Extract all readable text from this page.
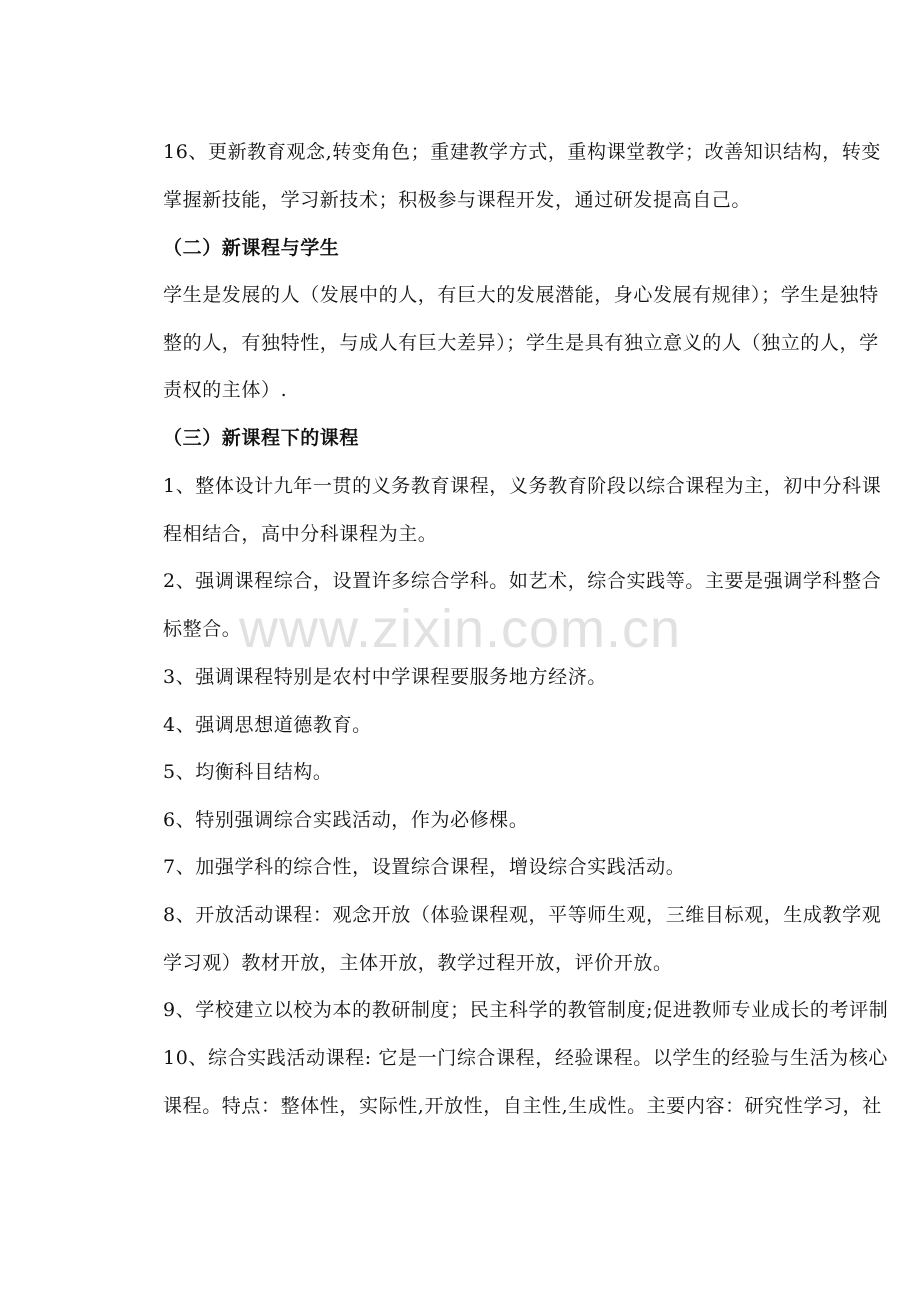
16、更新教育观念,转变角色；重建教学方式，重构课堂教学；改善知识结构，转变
掌握新技能，学习新技术；积极参与课程开发，通过研发提高自己。
（二）新课程与学生
学生是发展的人（发展中的人，有巨大的发展潜能，身心发展有规律）；学生是独特
整的人，有独特性，与成人有巨大差异）；学生是具有独立意义的人（独立的人，学
责权的主体）.
（三）新课程下的课程
1、整体设计九年一贯的义务教育课程，义务教育阶段以综合课程为主，初中分科课
程相结合，高中分科课程为主。
2、强调课程综合，设置许多综合学科。如艺术，综合实践等。主要是强调学科整合
标整合。
3、强调课程特别是农村中学课程要服务地方经济。
4、强调思想道德教育。
5、均衡科目结构。
6、特别强调综合实践活动，作为必修棵。
7、加强学科的综合性，设置综合课程，增设综合实践活动。
8、开放活动课程：观念开放（体验课程观，平等师生观，三维目标观，生成教学观
学习观）教材开放，主体开放，教学过程开放，评价开放。
9、学校建立以校为本的教研制度；民主科学的教管制度;促进教师专业成长的考评制
10、综合实践活动课程: 它是一门综合课程，经验课程。以学生的经验与生活为核心
课程。特点：整体性，实际性,开放性，自主性,生成性。主要内容：研究性学习，社
www.zixin.com.cn
